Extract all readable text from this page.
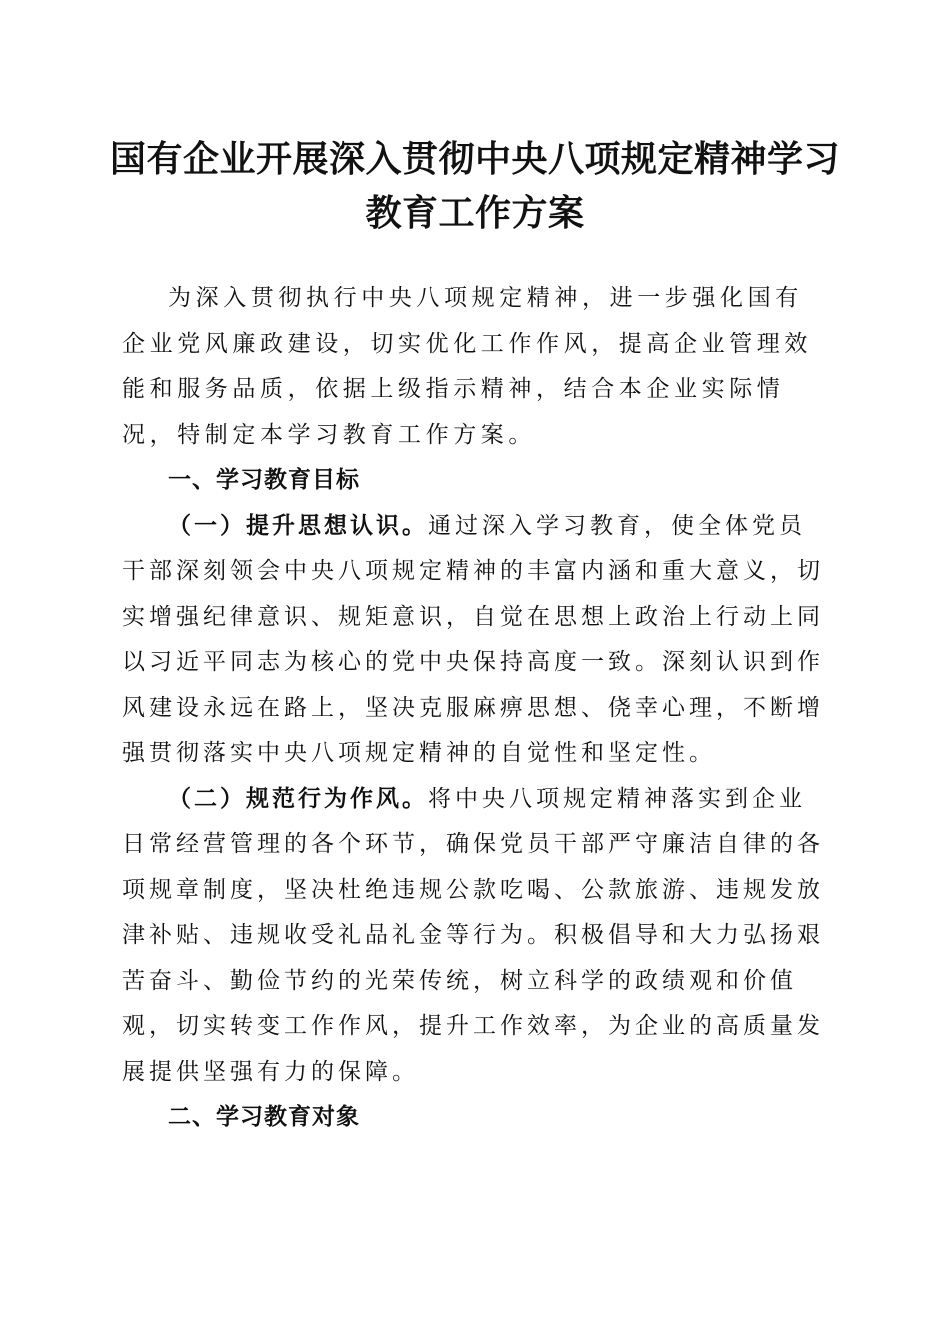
国有企业开展深入贯彻中央八项规定精神学习
教育工作方案

为深入贯彻执行中央八项规定精神，进一步强化国有企业党风廉政建设，切实优化工作作风，提高企业管理效能和服务品质，依据上级指示精神，结合本企业实际情况，特制定本学习教育工作方案。

一、学习教育目标

（一）提升思想认识。通过深入学习教育，使全体党员干部深刻领会中央八项规定精神的丰富内涵和重大意义，切实增强纪律意识、规矩意识，自觉在思想上政治上行动上同以习近平同志为核心的党中央保持高度一致。深刻认识到作风建设永远在路上，坚决克服麻痹思想、侥幸心理，不断增强贯彻落实中央八项规定精神的自觉性和坚定性。

（二）规范行为作风。将中央八项规定精神落实到企业日常经营管理的各个环节，确保党员干部严守廉洁自律的各项规章制度，坚决杜绝违规公款吃喝、公款旅游、违规发放津补贴、违规收受礼品礼金等行为。积极倡导和大力弘扬艰苦奋斗、勤俭节约的光荣传统，树立科学的政绩观和价值观，切实转变工作作风，提升工作效率，为企业的高质量发展提供坚强有力的保障。

二、学习教育对象
